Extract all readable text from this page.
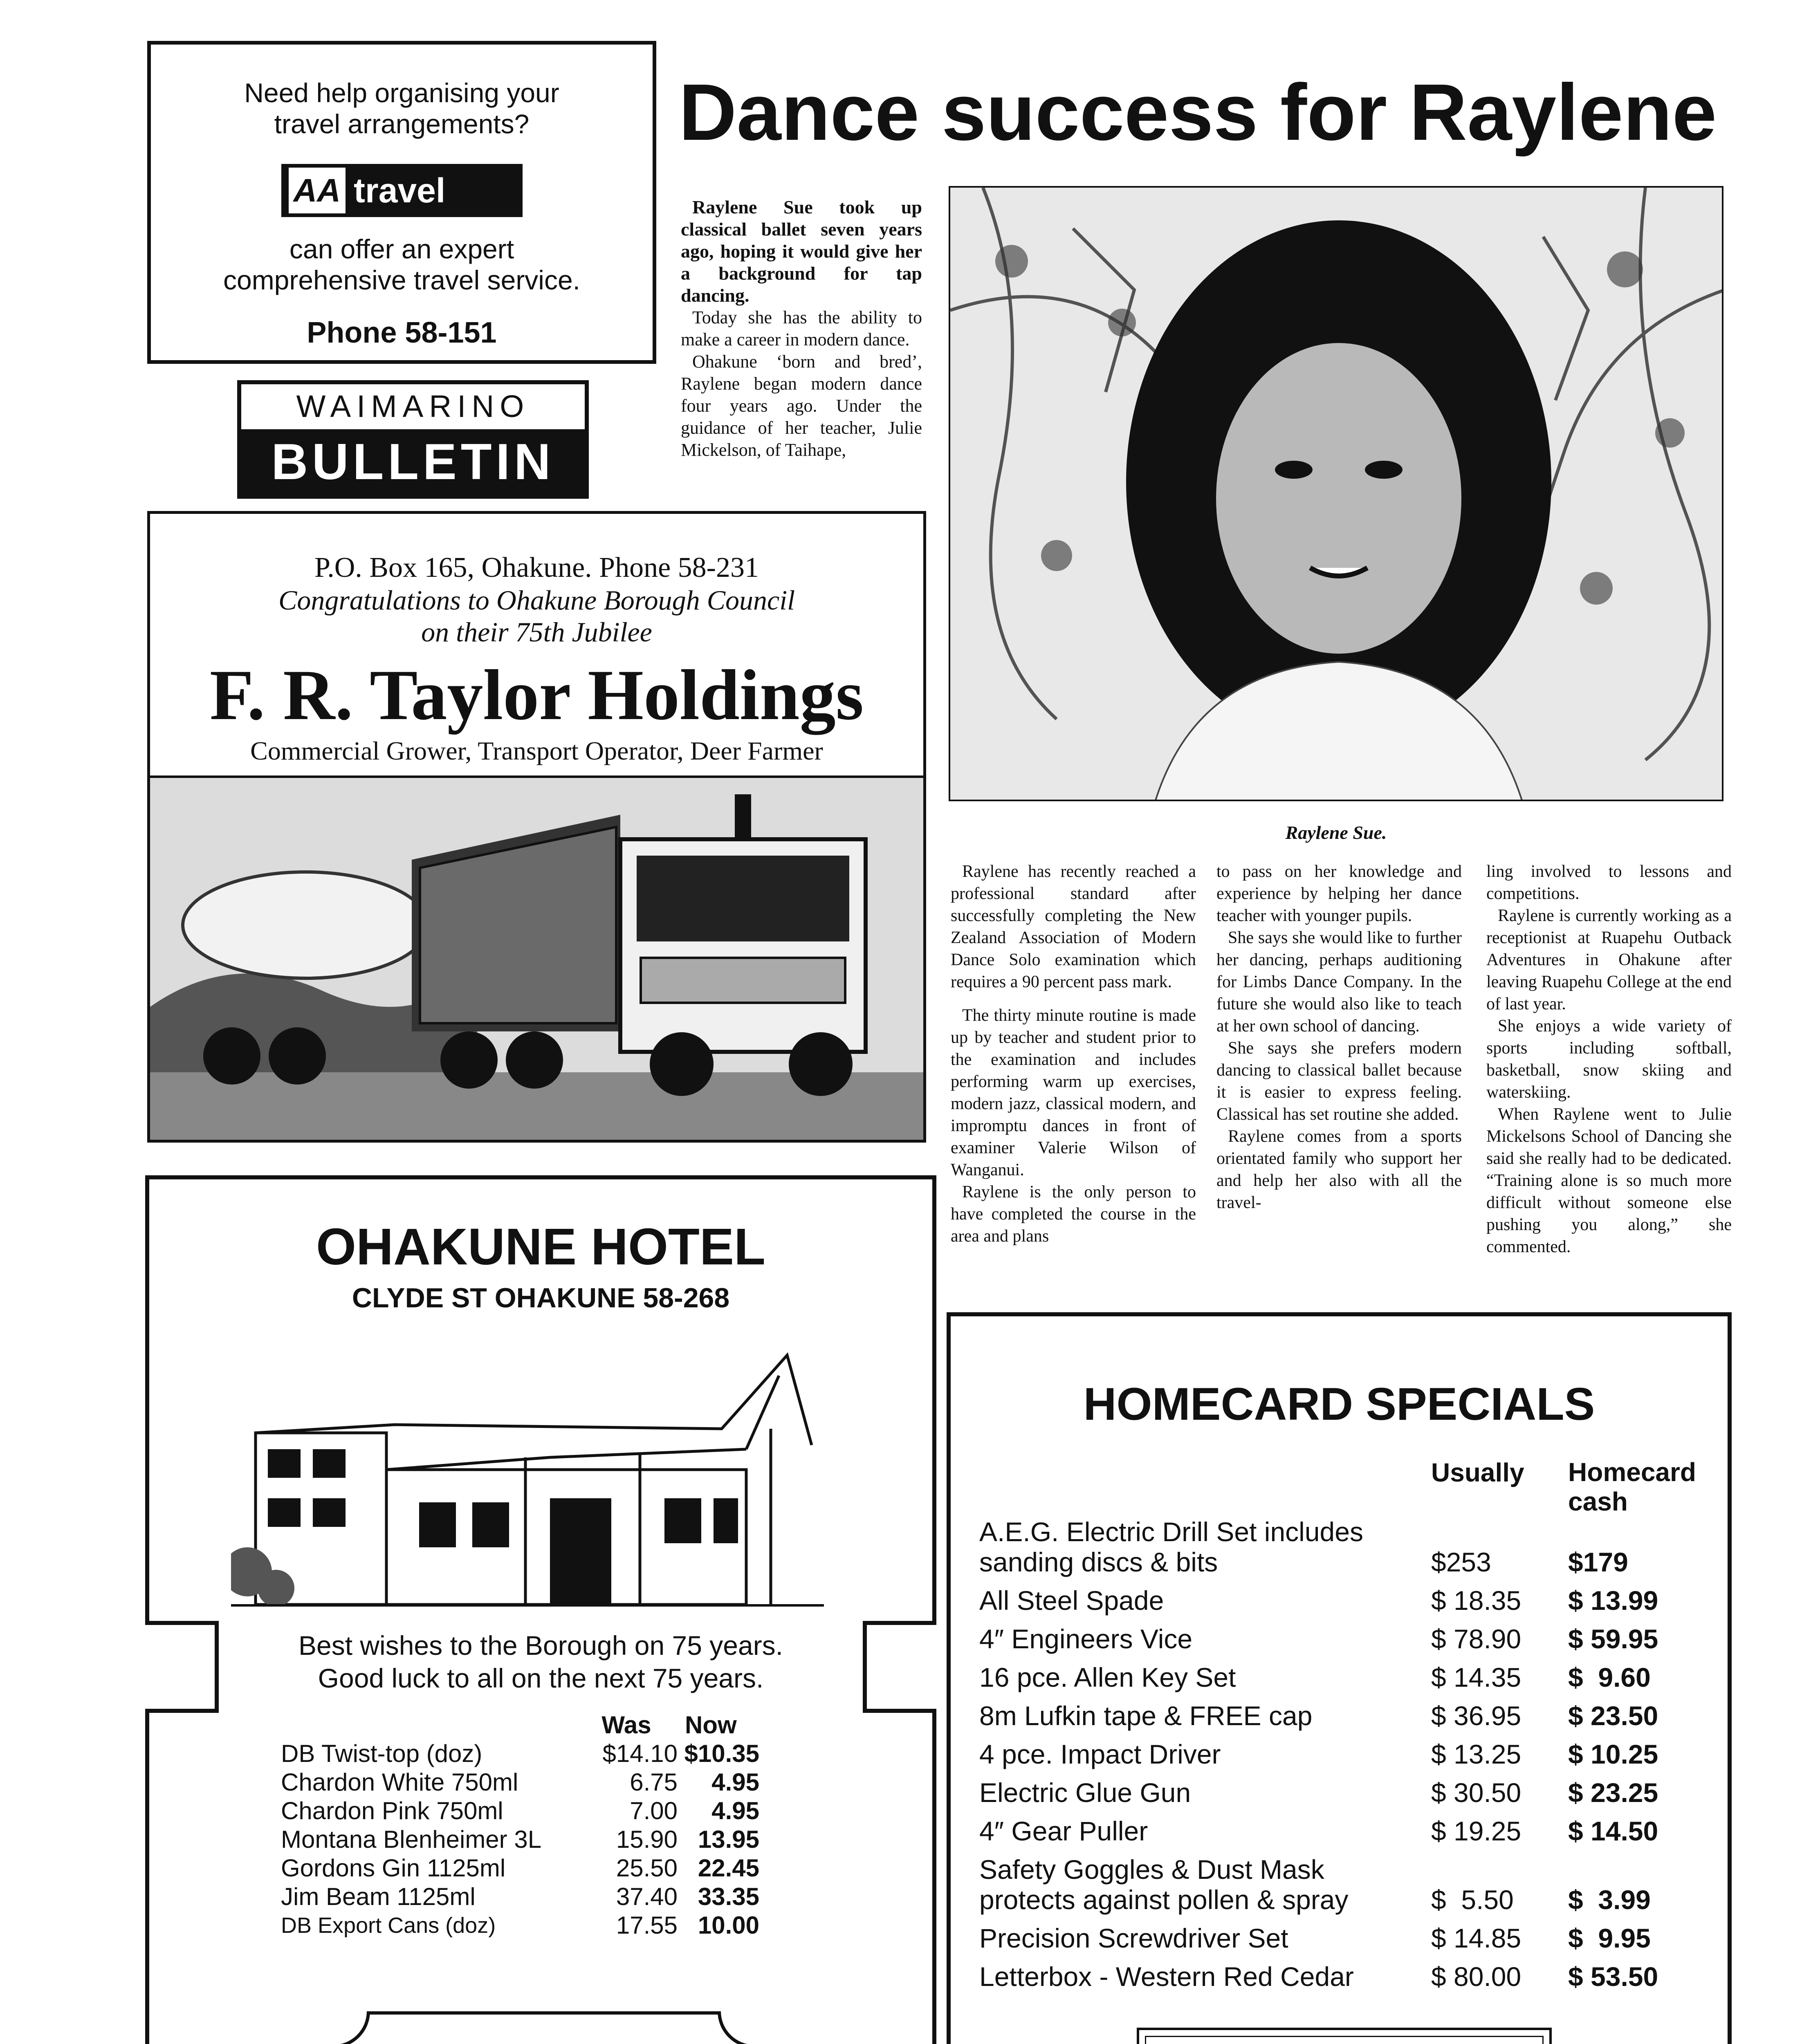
Need help organising your
travel arrangements?
AA travel
can offer an expert
comprehensive travel service.
Phone 58-151
WAIMARINO
BULLETIN
Dance success for Raylene

Raylene Sue took up classical ballet seven years ago, hoping it would give her a background for tap dancing.

Today she has the ability to make a career in modern dance.

Ohakune ‘born and bred’, Raylene began modern dance four years ago. Under the guidance of her teacher, Julie Mickelson, of Taihape,

Raylene Sue.

Raylene has recently reached a professional standard after successfully completing the New Zealand Association of Modern Dance Solo examination which requires a 90 percent pass mark.

The thirty minute routine is made up by teacher and student prior to the examination and includes performing warm up exercises, modern jazz, classical modern, and impromptu dances in front of examiner Valerie Wilson of Wanganui.

Raylene is the only person to have completed the course in the area and plans

to pass on her knowledge and experience by helping her dance teacher with younger pupils.

She says she would like to further her dancing, perhaps auditioning for Limbs Dance Company. In the future she would also like to teach at her own school of dancing.

She says she prefers modern dancing to classical ballet because it is easier to express feeling. Classical has set routine she added.

Raylene comes from a sports orientated family who support her and help her also with all the travel-

ling involved to lessons and competitions.

Raylene is currently working as a receptionist at Ruapehu Outback Adventures in Ohakune after leaving Ruapehu College at the end of last year.

She enjoys a wide variety of sports including softball, basketball, snow skiing and waterskiing.

When Raylene went to Julie Mickelsons School of Dancing she said she really had to be dedicated. “Training alone is so much more difficult without someone else pushing you along,” she commented.

P.O. Box 165, Ohakune. Phone 58-231
Congratulations to Ohakune Borough Council
on their 75th Jubilee
F. R. Taylor Holdings
Commercial Grower, Transport Operator, Deer Farmer
OHAKUNE HOTEL
CLYDE ST OHAKUNE 58-268
Best wishes to the Borough on 75 years.
Good luck to all on the next 75 years.
	Was	Now
DB Twist-top (doz)	$14.10	$10.35
Chardon White 750ml	6.75	4.95
Chardon Pink 750ml	7.00	4.95
Montana Blenheimer 3L	15.90	13.95
Gordons Gin 1125ml	25.50	22.45
Jim Beam 1125ml	37.40	33.35
DB Export Cans (doz)	17.55	10.00
HOMECARD SPECIALS
Usually Homecard
cash
A.E.G. Electric Drill Set includes
sanding discs & bits	$253	$179
All Steel Spade	$ 18.35	$ 13.99
4″ Engineers Vice	$ 78.90	$ 59.95
16 pce. Allen Key Set	$ 14.35	$  9.60
8m Lufkin tape & FREE cap	$ 36.95	$ 23.50
4 pce. Impact Driver	$ 13.25	$ 10.25
Electric Glue Gun	$ 30.50	$ 23.25
4″ Gear Puller	$ 19.25	$ 14.50

Safety Goggles & Dust Mask
protects against pollen & spray	$  5.50	$  3.99
Precision Screwdriver Set	$ 14.85	$  9.95
Letterbox - Western Red Cedar	$ 80.00	$ 53.50
